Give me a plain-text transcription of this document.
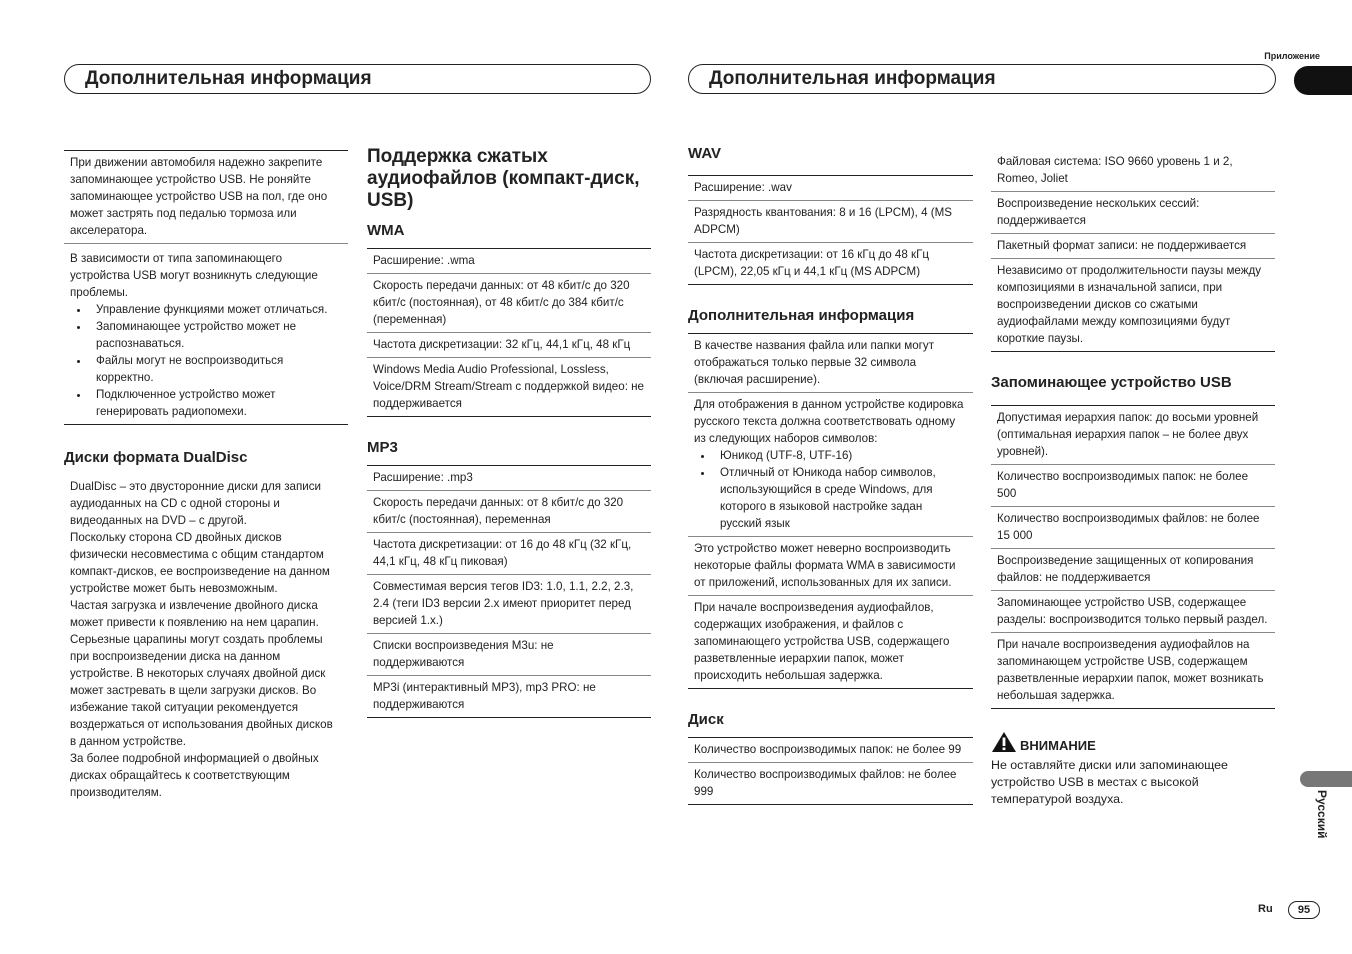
Приложение
Дополнительная информация	Дополнительная информация
При движении автомобиля надежно закрепите запоминающее устройство USB. Не роняйте запоминающее устройство USB на пол, где оно может застрять под педалью тормоза или акселератора.

В зависимости от типа запоминающего устройства USB могут возникнуть следующие проблемы.

• Управление функциями может отличаться.
• Запоминающее устройство может не распознаваться.
• Файлы могут не воспроизводиться корректно.
• Подключенное устройство может генерировать радиопомехи.
Диски формата DualDisc

DualDisc – это двусторонние диски для записи аудиоданных на CD с одной стороны и видеоданных на DVD – с другой.

Поскольку сторона CD двойных дисков физически несовместима с общим стандартом компакт-дисков, ее воспроизведение на данном устройстве может быть невозможным.

Частая загрузка и извлечение двойного диска может привести к появлению на нем царапин. Серьезные царапины могут создать проблемы при воспроизведении диска на данном устройстве. В некоторых случаях двойной диск может застревать в щели загрузки дисков. Во избежание такой ситуации рекомендуется воздержаться от использования двойных дисков в данном устройстве.

За более подробной информацией о двойных дисках обращайтесь к соответствующим производителям.

Поддержка сжатых аудиофайлов (компакт-диск, USB)
WMA
Расширение: .wma
Скорость передачи данных: от 48 кбит/с до 320 кбит/с (постоянная), от 48 кбит/с до 384 кбит/с (переменная)
Частота дискретизации: 32 кГц, 44,1 кГц, 48 кГц
Windows Media Audio Professional, Lossless, Voice/DRM Stream/Stream с поддержкой видео: не поддерживается
MP3
Расширение: .mp3
Скорость передачи данных: от 8 кбит/с до 320 кбит/с (постоянная), переменная
Частота дискретизации: от 16 до 48 кГц (32 кГц, 44,1 кГц, 48 кГц пиковая)
Совместимая версия тегов ID3: 1.0, 1.1, 2.2, 2.3, 2.4 (теги ID3 версии 2.x имеют приоритет перед версией 1.x.)
Списки воспроизведения M3u: не поддерживаются
MP3i (интерактивный MP3), mp3 PRO: не поддерживаются
WAV
Расширение: .wav
Разрядность квантования: 8 и 16 (LPCM), 4 (MS ADPCM)
Частота дискретизации: от 16 кГц до 48 кГц (LPCM), 22,05 кГц и 44,1 кГц (MS ADPCM)
Дополнительная информация
В качестве названия файла или папки могут отображаться только первые 32 символа (включая расширение).

Для отображения в данном устройстве кодировка русского текста должна соответствовать одному из следующих наборов символов:

• Юникод (UTF-8, UTF-16)
• Отличный от Юникода набор символов, использующийся в среде Windows, для которого в языковой настройке задан русский язык
Это устройство может неверно воспроизводить некоторые файлы формата WMA в зависимости от приложений, использованных для их записи.
При начале воспроизведения аудиофайлов, содержащих изображения, и файлов с запоминающего устройства USB, содержащего разветвленные иерархии папок, может происходить небольшая задержка.
Диск
Количество воспроизводимых папок: не более 99
Количество воспроизводимых файлов: не более 999
Файловая система: ISO 9660 уровень 1 и 2, Romeo, Joliet
Воспроизведение нескольких сессий: поддерживается
Пакетный формат записи: не поддерживается
Независимо от продолжительности паузы между композициями в изначальной записи, при воспроизведении дисков со сжатыми аудиофайлами между композициями будут короткие паузы.
Запоминающее устройство USB
Допустимая иерархия папок: до восьми уровней (оптимальная иерархия папок – не более двух уровней).
Количество воспроизводимых папок: не более 500
Количество воспроизводимых файлов: не более 15 000
Воспроизведение защищенных от копирования файлов: не поддерживается
Запоминающее устройство USB, содержащее разделы: воспроизводится только первый раздел.
При начале воспроизведения аудиофайлов на запоминающем устройстве USB, содержащем разветвленные иерархии папок, может возникать небольшая задержка.
ВНИМАНИЕ

Не оставляйте диски или запоминающее устройство USB в местах с высокой температурой воздуха.	Русский
Ru	95
